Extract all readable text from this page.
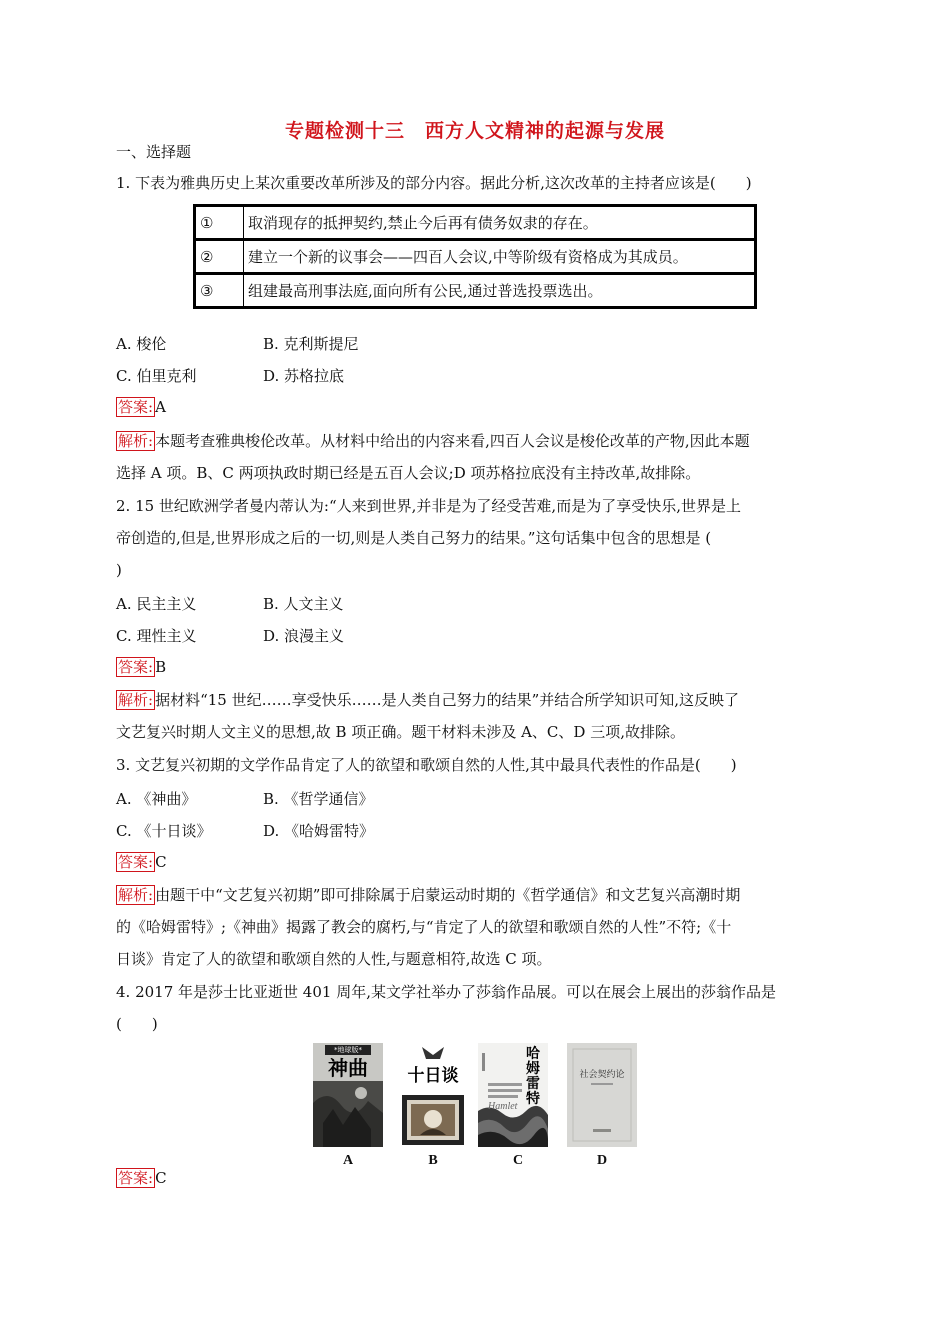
专题检测十三　西方人文精神的起源与发展
一、选择题
1. 下表为雅典历史上某次重要改革所涉及的部分内容。据此分析,这次改革的主持者应该是(　　)
①	取消现存的抵押契约,禁止今后再有债务奴隶的存在。
②	建立一个新的议事会——四百人会议,中等阶级有资格成为其成员。
③	组建最高刑事法庭,面向所有公民,通过普选投票选出。
A. 梭伦	B. 克利斯提尼
C. 伯里克利	D. 苏格拉底
答案: A
解析: 本题考查雅典梭伦改革。从材料中给出的内容来看,四百人会议是梭伦改革的产物,因此本题
选择 A 项。B、C 两项执政时期已经是五百人会议;D 项苏格拉底没有主持改革,故排除。
2. 15 世纪欧洲学者曼内蒂认为:“人来到世界,并非是为了经受苦难,而是为了享受快乐,世界是上
帝创造的,但是,世界形成之后的一切,则是人类自己努力的结果。”这句话集中包含的思想是 (
)
A. 民主主义	B. 人文主义
C. 理性主义	D. 浪漫主义
答案: B
解析: 据材料“15 世纪……享受快乐……是人类自己努力的结果”并结合所学知识可知,这反映了
文艺复兴时期人文主义的思想,故 B 项正确。题干材料未涉及 A、C、D 三项,故排除。
3. 文艺复兴初期的文学作品肯定了人的欲望和歌颂自然的人性,其中最具代表性的作品是(　　)
A. 《神曲》	B. 《哲学通信》
C. 《十日谈》	D. 《哈姆雷特》
答案: C
解析: 由题干中“文艺复兴初期”即可排除属于启蒙运动时期的《哲学通信》和文艺复兴高潮时期
的《哈姆雷特》;《神曲》揭露了教会的腐朽,与“肯定了人的欲望和歌颂自然的人性”不符;《十
日谈》肯定了人的欲望和歌颂自然的人性,与题意相符,故选 C 项。
4. 2017 年是莎士比亚逝世 401 周年,某文学社举办了莎翁作品展。可以在展会上展出的莎翁作品是
(　　)
*地球版*
神曲	十日谈
哈姆雷特
Hamlet
社会契约论
A	B	C	D
答案: C
